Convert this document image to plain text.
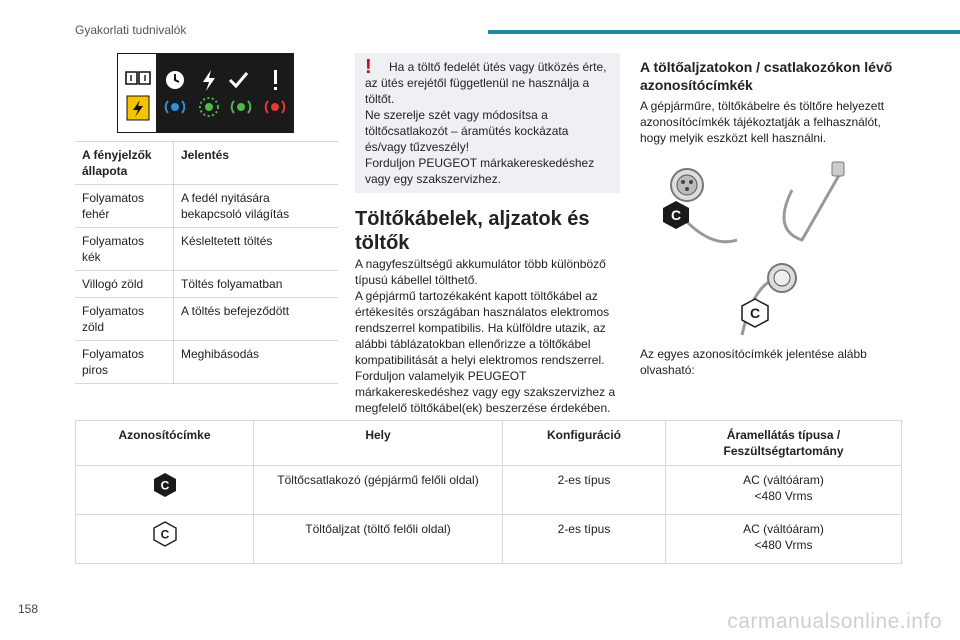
Gyakorlati tudnivalók
A fényjelzők állapota	Jelentés
Folyamatos fehér	A fedél nyitására bekapcsoló világítás
Folyamatos kék	Késleltetett töltés
Villogó zöld	Töltés folyamatban
Folyamatos zöld	A töltés befejeződött
Folyamatos piros	Meghibásodás
!	Ha a töltő fedelét ütés vagy ütközés érte, az ütés erejétől függetlenül ne használja a töltőt.
Ne szerelje szét vagy módosítsa a töltőcsatlakozót – áramütés kockázata és/vagy tűzveszély!
Forduljon PEUGEOT márkakereskedéshez vagy egy szakszervizhez.
Töltőkábelek, aljzatok és töltők
A nagyfeszültségű akkumulátor több különböző típusú kábellel tölthető.
A gépjármű tartozékaként kapott töltőkábel az értékesítés országában használatos elektromos rendszerrel kompatibilis. Ha külföldre utazik, az alábbi táblázatokban ellenőrizze a töltőkábel kompatibilitását a helyi elektromos rendszerrel.
Forduljon valamelyik PEUGEOT márkakereskedéshez vagy egy szakszervizhez a megfelelő töltőkábel(ek) beszerzése érdekében.
A töltőaljzatokon / csatlakozókon lévő azonosítócímkék
A gépjárműre, töltőkábelre és töltőre helyezett azonosítócímkék tájékoztatják a felhasználót, hogy melyik eszközt kell használni.
C
C
Az egyes azonosítócímkék jelentése alább olvasható:
Azonosítócímke	Hely	Konfiguráció	Áramellátás típusa / Feszültségtartomány

C	Töltőcsatlakozó (gépjármű felőli oldal)	2-es típus	AC (váltóáram)
<480 Vrms

C	Töltőaljzat (töltő felőli oldal)	2-es típus	AC (váltóáram)
<480 Vrms
158
carmanualsonline.info
